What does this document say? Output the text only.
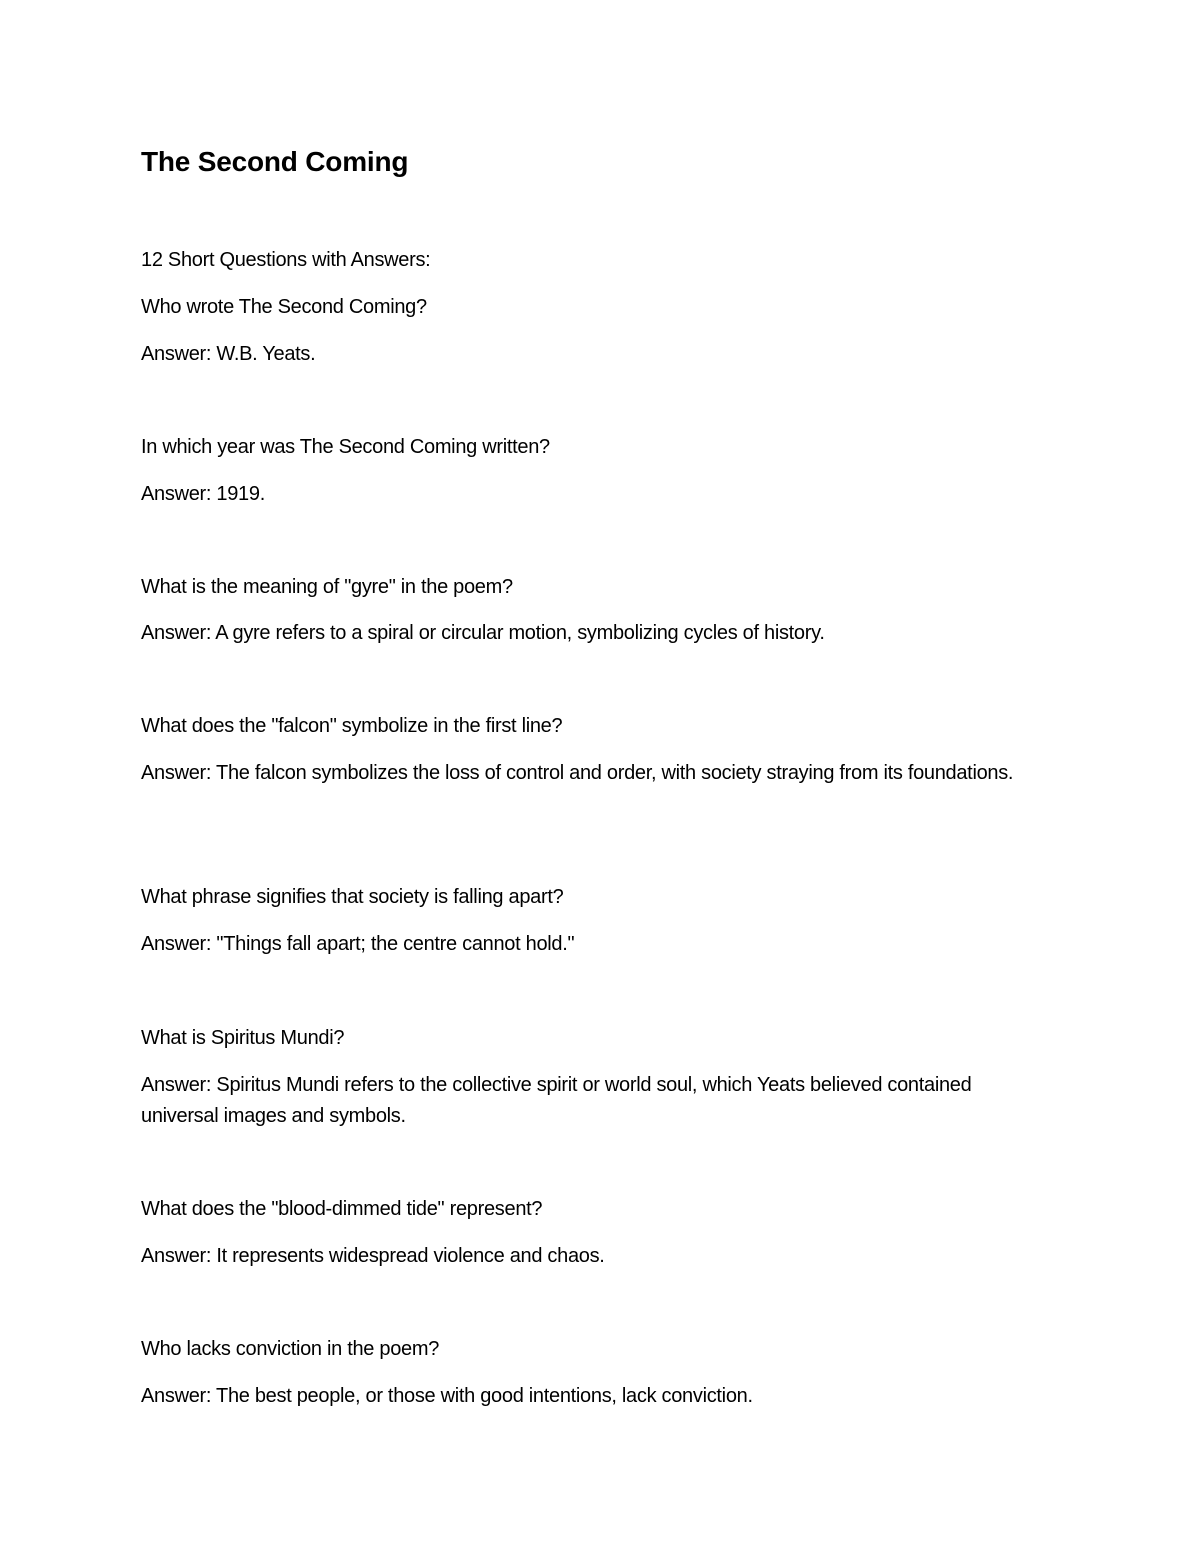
The Second Coming

12 Short Questions with Answers:

Who wrote The Second Coming?

Answer: W.B. Yeats.

In which year was The Second Coming written?

Answer: 1919.

What is the meaning of "gyre" in the poem?

Answer: A gyre refers to a spiral or circular motion, symbolizing cycles of history.

What does the "falcon" symbolize in the first line?

Answer: The falcon symbolizes the loss of control and order, with society straying from its foundations.

What phrase signifies that society is falling apart?

Answer: "Things fall apart; the centre cannot hold."

What is Spiritus Mundi?

Answer: Spiritus Mundi refers to the collective spirit or world soul, which Yeats believed contained universal images and symbols.

What does the "blood-dimmed tide" represent?

Answer: It represents widespread violence and chaos.

Who lacks conviction in the poem?

Answer: The best people, or those with good intentions, lack conviction.
